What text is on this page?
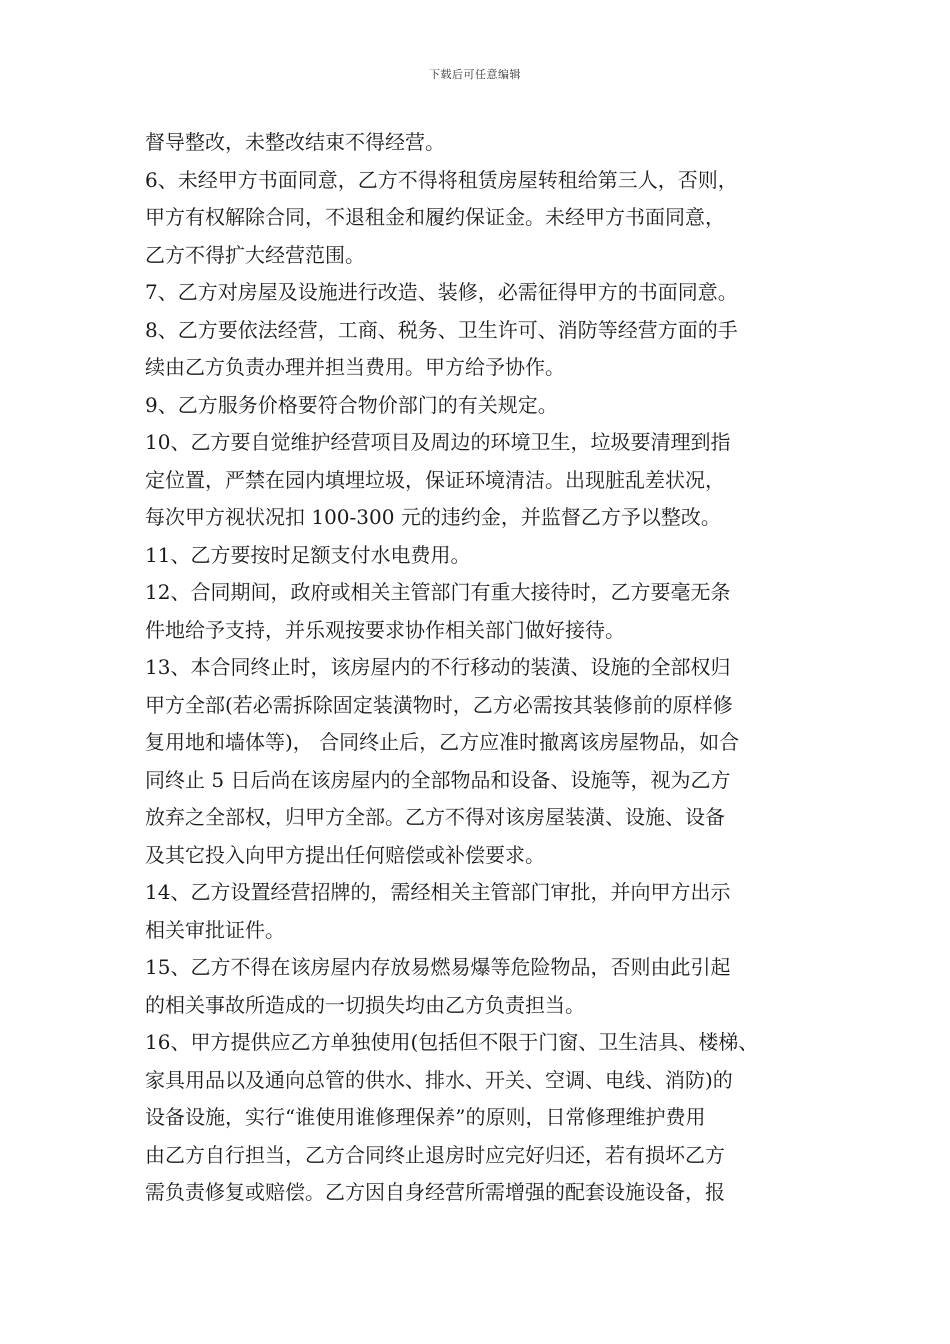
下载后可任意编辑
督导整改，未整改结束不得经营。
6、未经甲方书面同意，乙方不得将租赁房屋转租给第三人，否则，
甲方有权解除合同，不退租金和履约保证金。未经甲方书面同意，
乙方不得扩大经营范围。
7、乙方对房屋及设施进行改造、装修，必需征得甲方的书面同意。
8、乙方要依法经营，工商、税务、卫生许可、消防等经营方面的手
续由乙方负责办理并担当费用。甲方给予协作。
9、乙方服务价格要符合物价部门的有关规定。
10、乙方要自觉维护经营项目及周边的环境卫生，垃圾要清理到指
定位置，严禁在园内填埋垃圾，保证环境清洁。出现脏乱差状况，
每次甲方视状况扣 100-300 元的违约金，并监督乙方予以整改。
11、乙方要按时足额支付水电费用。
12、合同期间，政府或相关主管部门有重大接待时，乙方要毫无条
件地给予支持，并乐观按要求协作相关部门做好接待。
13、本合同终止时，该房屋内的不行移动的装潢、设施的全部权归
甲方全部(若必需拆除固定装潢物时，乙方必需按其装修前的原样修
复用地和墙体等)， 合同终止后，乙方应准时撤离该房屋物品，如合
同终止 5 日后尚在该房屋内的全部物品和设备、设施等，视为乙方
放弃之全部权，归甲方全部。乙方不得对该房屋装潢、设施、设备
及其它投入向甲方提出任何赔偿或补偿要求。
14、乙方设置经营招牌的，需经相关主管部门审批，并向甲方出示
相关审批证件。
15、乙方不得在该房屋内存放易燃易爆等危险物品，否则由此引起
的相关事故所造成的一切损失均由乙方负责担当。
16、甲方提供应乙方单独使用(包括但不限于门窗、卫生洁具、楼梯、
家具用品以及通向总管的供水、排水、开关、空调、电线、消防)的
设备设施，实行“谁使用谁修理保养”的原则，日常修理维护费用
由乙方自行担当，乙方合同终止退房时应完好归还，若有损坏乙方
需负责修复或赔偿。乙方因自身经营所需增强的配套设施设备，报
